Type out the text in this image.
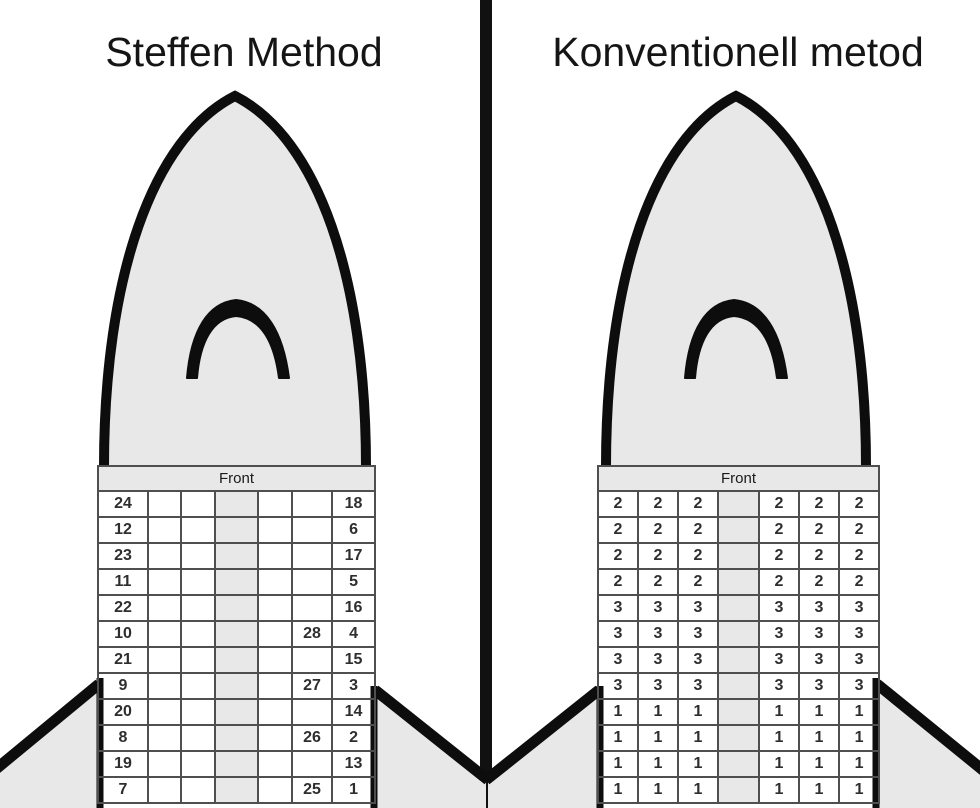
Steffen Method	Konventionell metod
Front						
24						18
12						6
23						17
11						5
22						16
10					28	4
21						15
9					27	3
20						14
8					26	2
19						13
7					25	1
Front						
2	2	2		2	2	2
2	2	2		2	2	2
2	2	2		2	2	2
2	2	2		2	2	2
3	3	3		3	3	3
3	3	3		3	3	3
3	3	3		3	3	3
3	3	3		3	3	3
1	1	1		1	1	1
1	1	1		1	1	1
1	1	1		1	1	1
1	1	1		1	1	1
